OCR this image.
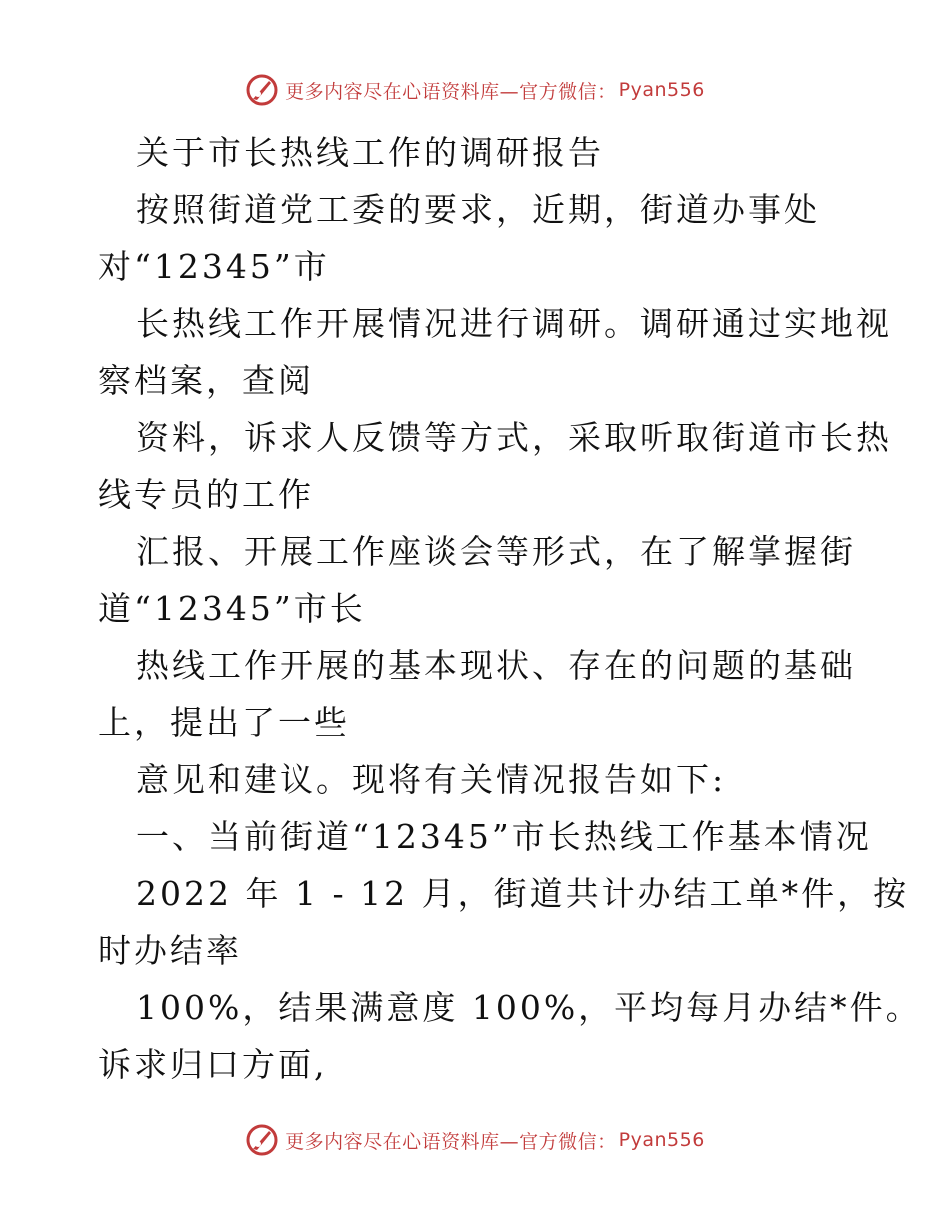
更多内容尽在心语资料库—官方微信： Pyan556
关于市长热线工作的调研报告
按照街道党工委的要求，近期，街道办事处
对“12345”市
长热线工作开展情况进行调研。调研通过实地视
察档案，查阅
资料，诉求人反馈等方式，采取听取街道市长热
线专员的工作
汇报、开展工作座谈会等形式，在了解掌握街
道“12345”市长
热线工作开展的基本现状、存在的问题的基础
上，提出了一些
意见和建议。现将有关情况报告如下:
一、当前街道“12345”市长热线工作基本情况
2022 年 1 - 12 月，街道共计办结工单*件，按
时办结率
100%，结果满意度 100%，平均每月办结*件。
诉求归口方面,
更多内容尽在心语资料库—官方微信： Pyan556
